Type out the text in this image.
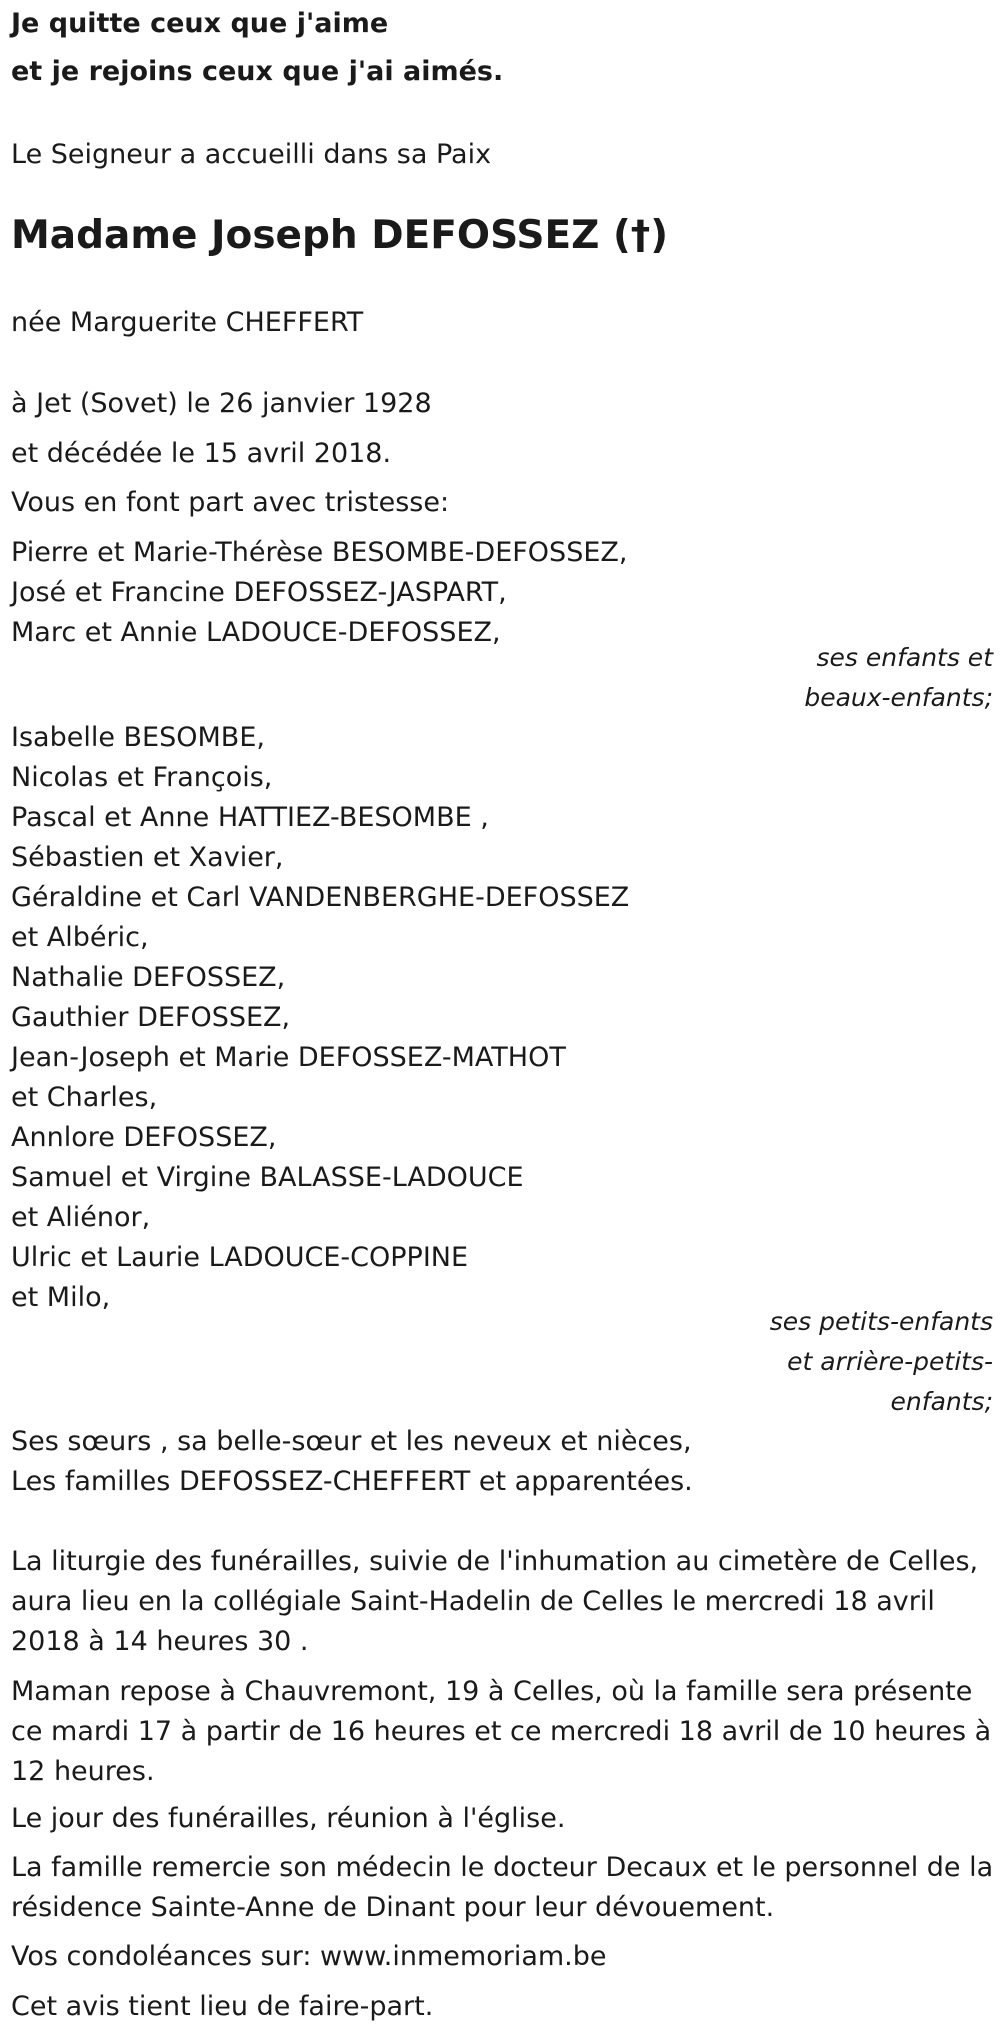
Je quitte ceux que j'aime
et je rejoins ceux que j'ai aimés.
Le Seigneur a accueilli dans sa Paix
Madame Joseph DEFOSSEZ (†)
née Marguerite CHEFFERT
à Jet (Sovet) le 26 janvier 1928
et décédée le 15 avril 2018.
Vous en font part avec tristesse:
Pierre et Marie-Thérèse BESOMBE-DEFOSSEZ,
José et Francine DEFOSSEZ-JASPART,
Marc et Annie LADOUCE-DEFOSSEZ,
ses enfants et
beaux-enfants;
Isabelle BESOMBE,
Nicolas et François,
Pascal et Anne HATTIEZ-BESOMBE ,
Sébastien et Xavier,
Géraldine et Carl VANDENBERGHE-DEFOSSEZ
et Albéric,
Nathalie DEFOSSEZ,
Gauthier DEFOSSEZ,
Jean-Joseph et Marie DEFOSSEZ-MATHOT
et Charles,
Annlore DEFOSSEZ,
Samuel et Virgine BALASSE-LADOUCE
et Aliénor,
Ulric et Laurie LADOUCE-COPPINE
et Milo,
ses petits-enfants
et arrière-petits-
enfants;
Ses sœurs , sa belle-sœur et les neveux et nièces,
Les familles DEFOSSEZ-CHEFFERT et apparentées.
La liturgie des funérailles, suivie de l'inhumation au cimetère de Celles, aura lieu en la collégiale Saint-Hadelin de Celles le mercredi 18 avril 2018 à 14 heures 30 .
Maman repose à Chauvremont, 19 à Celles, où la famille sera présente ce mardi 17 à partir de 16 heures et ce mercredi 18 avril de 10 heures à 12 heures.
Le jour des funérailles, réunion à l'église.
La famille remercie son médecin le docteur Decaux et le personnel de la résidence Sainte-Anne de Dinant pour leur dévouement.
Vos condoléances sur: www.inmemoriam.be
Cet avis tient lieu de faire-part.
